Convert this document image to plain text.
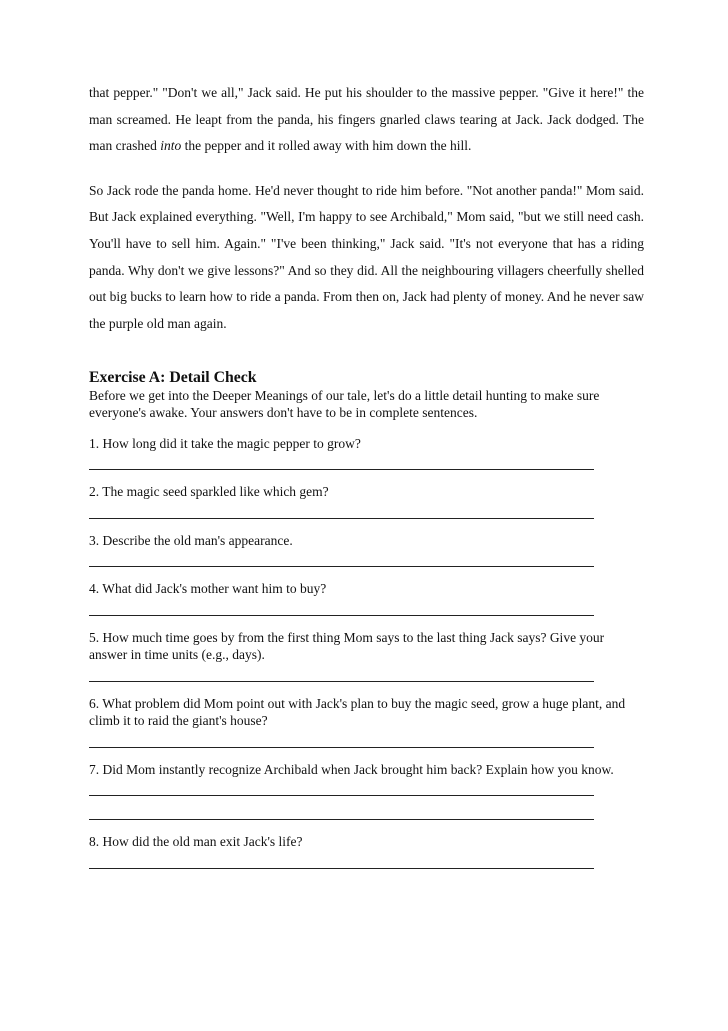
that pepper." "Don't we all," Jack said. He put his shoulder to the massive pepper. "Give it here!" the man screamed. He leapt from the panda, his fingers gnarled claws tearing at Jack. Jack dodged. The man crashed into the pepper and it rolled away with him down the hill.

So Jack rode the panda home. He'd never thought to ride him before. "Not another panda!" Mom said. But Jack explained everything. "Well, I'm happy to see Archibald," Mom said, "but we still need cash. You'll have to sell him. Again." "I've been thinking," Jack said. "It's not everyone that has a riding panda. Why don't we give lessons?" And so they did. All the neighbouring villagers cheerfully shelled out big bucks to learn how to ride a panda. From then on, Jack had plenty of money. And he never saw the purple old man again.

Exercise A: Detail Check

Before we get into the Deeper Meanings of our tale, let's do a little detail hunting to make sure everyone's awake. Your answers don't have to be in complete sentences.

1. How long did it take the magic pepper to grow?

2. The magic seed sparkled like which gem?

3. Describe the old man's appearance.

4. What did Jack's mother want him to buy?

5. How much time goes by from the first thing Mom says to the last thing Jack says? Give your answer in time units (e.g., days).

6. What problem did Mom point out with Jack's plan to buy the magic seed, grow a huge plant, and climb it to raid the giant's house?

7. Did Mom instantly recognize Archibald when Jack brought him back? Explain how you know.

8. How did the old man exit Jack's life?
